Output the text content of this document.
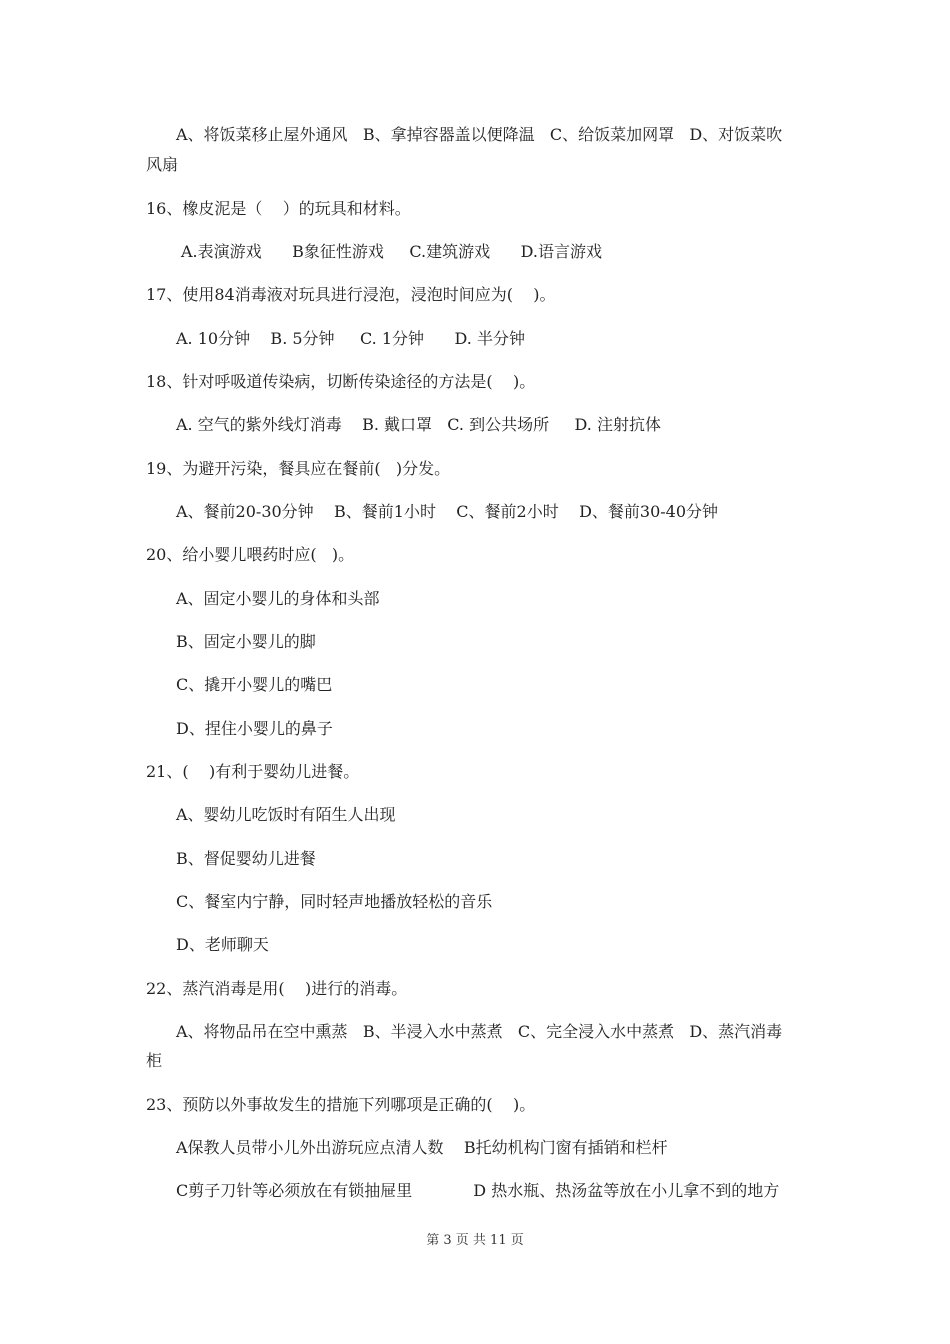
A、将饭菜移止屋外通风   B、拿掉容器盖以便降温   C、给饭菜加网罩   D、对饭菜吹
风扇
16、橡皮泥是（    ）的玩具和材料。
A.表演游戏      B象征性游戏     C.建筑游戏      D.语言游戏
17、使用84消毒液对玩具进行浸泡，浸泡时间应为(    )。
A. 10分钟    B. 5分钟     C. 1分钟      D. 半分钟
18、针对呼吸道传染病，切断传染途径的方法是(    )。
A. 空气的紫外线灯消毒    B. 戴口罩   C. 到公共场所     D. 注射抗体
19、为避开污染，餐具应在餐前(   )分发。
A、餐前20-30分钟    B、餐前1小时    C、餐前2小时    D、餐前30-40分钟
20、给小婴儿喂药时应(   )。
A、固定小婴儿的身体和头部
B、固定小婴儿的脚
C、撬开小婴儿的嘴巴
D、捏住小婴儿的鼻子
21、(    )有利于婴幼儿进餐。
A、婴幼儿吃饭时有陌生人出现
B、督促婴幼儿进餐
C、餐室内宁静，同时轻声地播放轻松的音乐
D、老师聊天
22、蒸汽消毒是用(    )进行的消毒。
A、将物品吊在空中熏蒸   B、半浸入水中蒸煮   C、完全浸入水中蒸煮   D、蒸汽消毒
柜
23、预防以外事故发生的措施下列哪项是正确的(    )。
A保教人员带小儿外出游玩应点清人数    B托幼机构门窗有插销和栏杆
C剪子刀针等必须放在有锁抽屉里            D 热水瓶、热汤盆等放在小儿拿不到的地方
第 3 页 共 11 页
